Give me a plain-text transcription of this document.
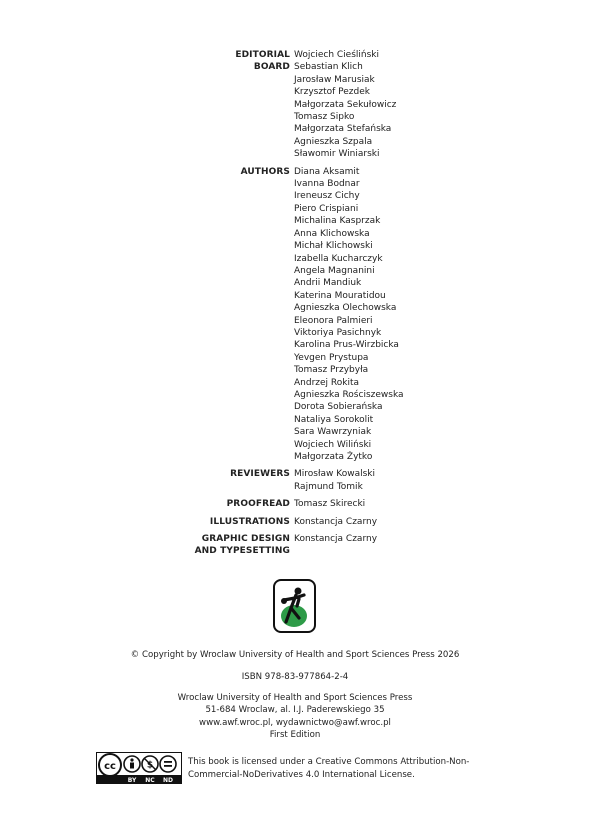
EDITORIAL
BOARD
Wojciech Cieśliński
Sebastian Klich
Jarosław Marusiak
Krzysztof Pezdek
Małgorzata Sekułowicz
Tomasz Sipko
Małgorzata Stefańska
Agnieszka Szpala
Sławomir Winiarski
AUTHORS Diana Aksamit
Ivanna Bodnar
Ireneusz Cichy
Piero Crispiani
Michalina Kasprzak
Anna Klichowska
Michał Klichowski
Izabella Kucharczyk
Angela Magnanini
Andrii Mandiuk
Katerina Mouratidou
Agnieszka Olechowska
Eleonora Palmieri
Viktoriya Pasichnyk
Karolina Prus-Wirzbicka
Yevgen Prystupa
Tomasz Przybyła
Andrzej Rokita
Agnieszka Rościszewska
Dorota Sobierańska
Nataliya Sorokolit
Sara Wawrzyniak
Wojciech Wiliński
Małgorzata Żytko
REVIEWERS Mirosław Kowalski
Rajmund Tomik
PROOFREAD Tomasz Skirecki
ILLUSTRATIONS Konstancja Czarny
GRAPHIC DESIGN
AND TYPESETTING
Konstancja Czarny
© Copyright by Wroclaw University of Health and Sport Sciences Press 2026
ISBN 978-83-977864-2-4
Wroclaw University of Health and Sport Sciences Press
51-684 Wroclaw, al. I.J. Paderewskiego 35
www.awf.wroc.pl, wydawnictwo@awf.wroc.pl
First Edition
cc	$
BY NC ND
This book is licensed under a Creative Commons Attribution-Non-
Commercial-NoDerivatives 4.0 International License.
